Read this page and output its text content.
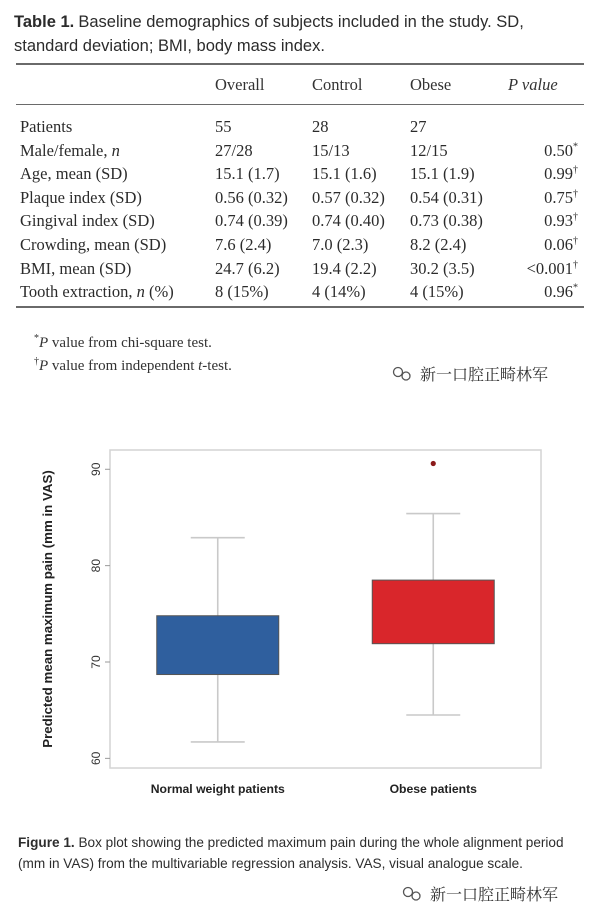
Table 1. Baseline demographics of subjects included in the study. SD, standard deviation; BMI, body mass index.
Overall	Control	Obese	P value
Patients	55	28	27
Male/female, n	27/28	15/13	12/15	0.50*
Age, mean (SD)	15.1 (1.7) 15.1 (1.6) 15.1 (1.9)	0.99†
Plaque index (SD)	0.56 (0.32) 0.57 (0.32) 0.54 (0.31)	0.75†
Gingival index (SD)	0.74 (0.39) 0.74 (0.40) 0.73 (0.38)	0.93†
Crowding, mean (SD)	7.6 (2.4) 7.0 (2.3)	8.2 (2.4)	0.06†
BMI, mean (SD)	24.7 (6.2) 19.4 (2.2) 30.2 (3.5)	<0.001†
Tooth extraction, n (%)	8 (15%)	4 (14%)	4 (15%)	0.96*
*P value from chi-square test.
†P value from independent t-test.	新一口腔正畸林军
60
70
80
90
Predicted mean maximum pain (mm in VAS)
Normal weight patients	Obese patients
Figure 1. Box plot showing the predicted maximum pain during the whole alignment period (mm in VAS) from the multivariable regression analysis. VAS, visual analogue scale.
新一口腔正畸林军
